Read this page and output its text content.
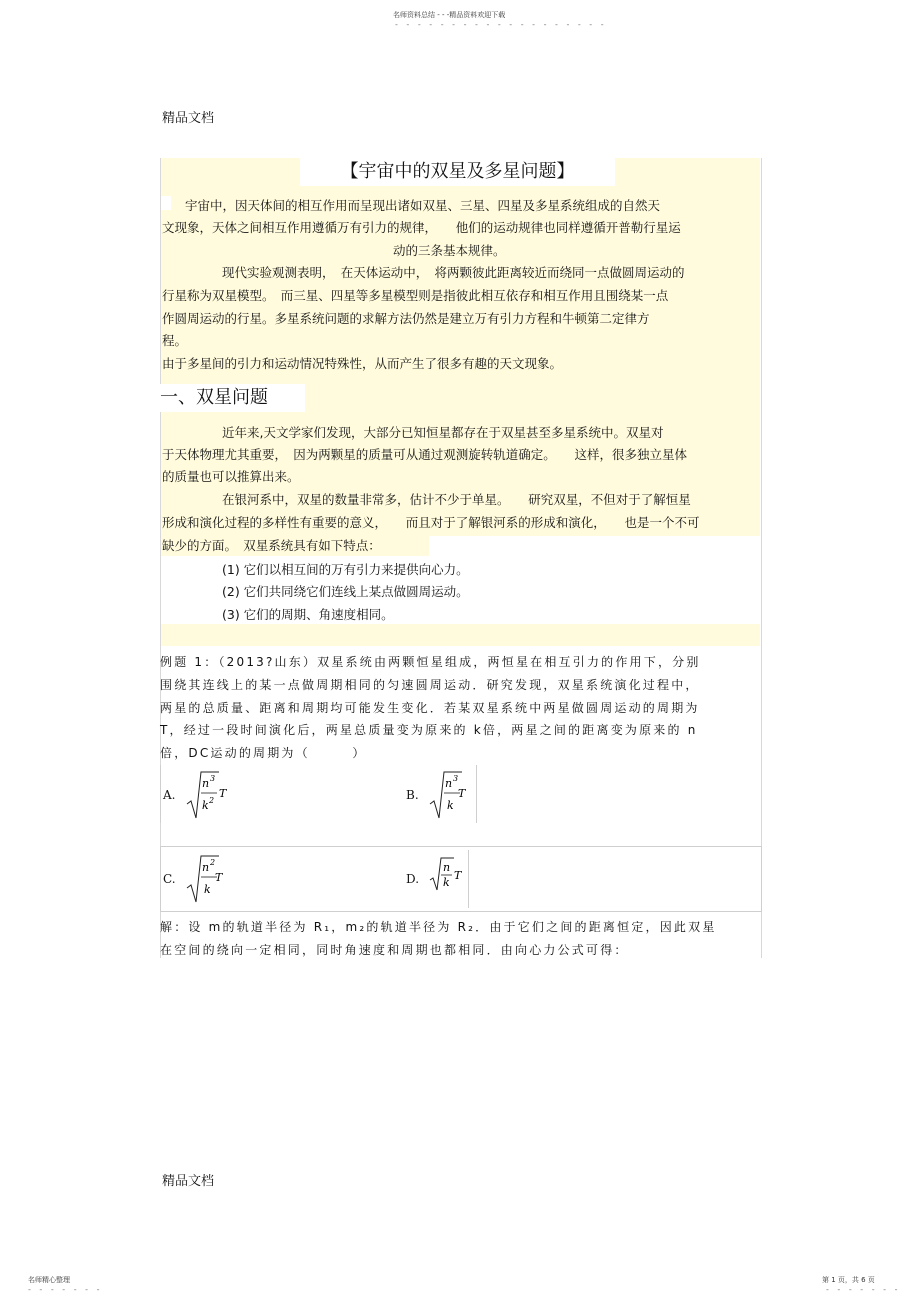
名师资料总结 - - -精品资料欢迎下载
- - - - - - - - - - - - - - - - - - -
精品文档
【宇宙中的双星及多星问题】
宇宙中，因天体间的相互作用而呈现出诸如双星、三星、四星及多星系统组成的自然天
文现象，天体之间相互作用遵循万有引力的规律，　　他们的运动规律也同样遵循开普勒行星运
动的三条基本规律。
现代实验观测表明，　在天体运动中，　将两颗彼此距离较近而绕同一点做圆周运动的
行星称为双星模型。　而三星、四星等多星模型则是指彼此相互依存和相互作用且围绕某一点
作圆周运动的行星。多星系统问题的求解方法仍然是建立万有引力方程和牛顿第二定律方
程。
由于多星间的引力和运动情况特殊性，从而产生了很多有趣的天文现象。
一、双星问题
近年来,天文学家们发现，大部分已知恒星都存在于双星甚至多星系统中。双星对
于天体物理尤其重要，　因为两颗星的质量可从通过观测旋转轨道确定。　　这样，很多独立星体
的质量也可以推算出来。
在银河系中，双星的数量非常多，估计不少于单星。　　研究双星，不但对于了解恒星
形成和演化过程的多样性有重要的意义，　　而且对于了解银河系的形成和演化，　　也是一个不可
缺少的方面。　双星系统具有如下特点：
(1) 它们以相互间的万有引力来提供向心力。
(2) 它们共同绕它们连线上某点做圆周运动。
(3) 它们的周期、角速度相同。
例题 1：（2013?山东）双星系统由两颗恒星组成，两恒星在相互引力的作用下，分别
围绕其连线上的某一点做周期相同的匀速圆周运动．研究发现，双星系统演化过程中，
两星的总质量、距离和周期均可能发生变化．若某双星系统中两星做圆周运动的周期为
T，经过一段时间演化后，两星总质量变为原来的 k倍，两星之间的距离变为原来的 n
倍，DC运动的周期为（　　　）
A.
n 3
k 2
T	B.
n 3
k
T
C.
n 2
k
T	D.
n
k
T
解：设 m的轨道半径为 R₁，m₂的轨道半径为 R₂．由于它们之间的距离恒定，因此双星
在空间的绕向一定相同，同时角速度和周期也都相同．由向心力公式可得：
精品文档
名师精心整理
- - - - - - -
第 1 页，共 6 页
- - - - - - -
